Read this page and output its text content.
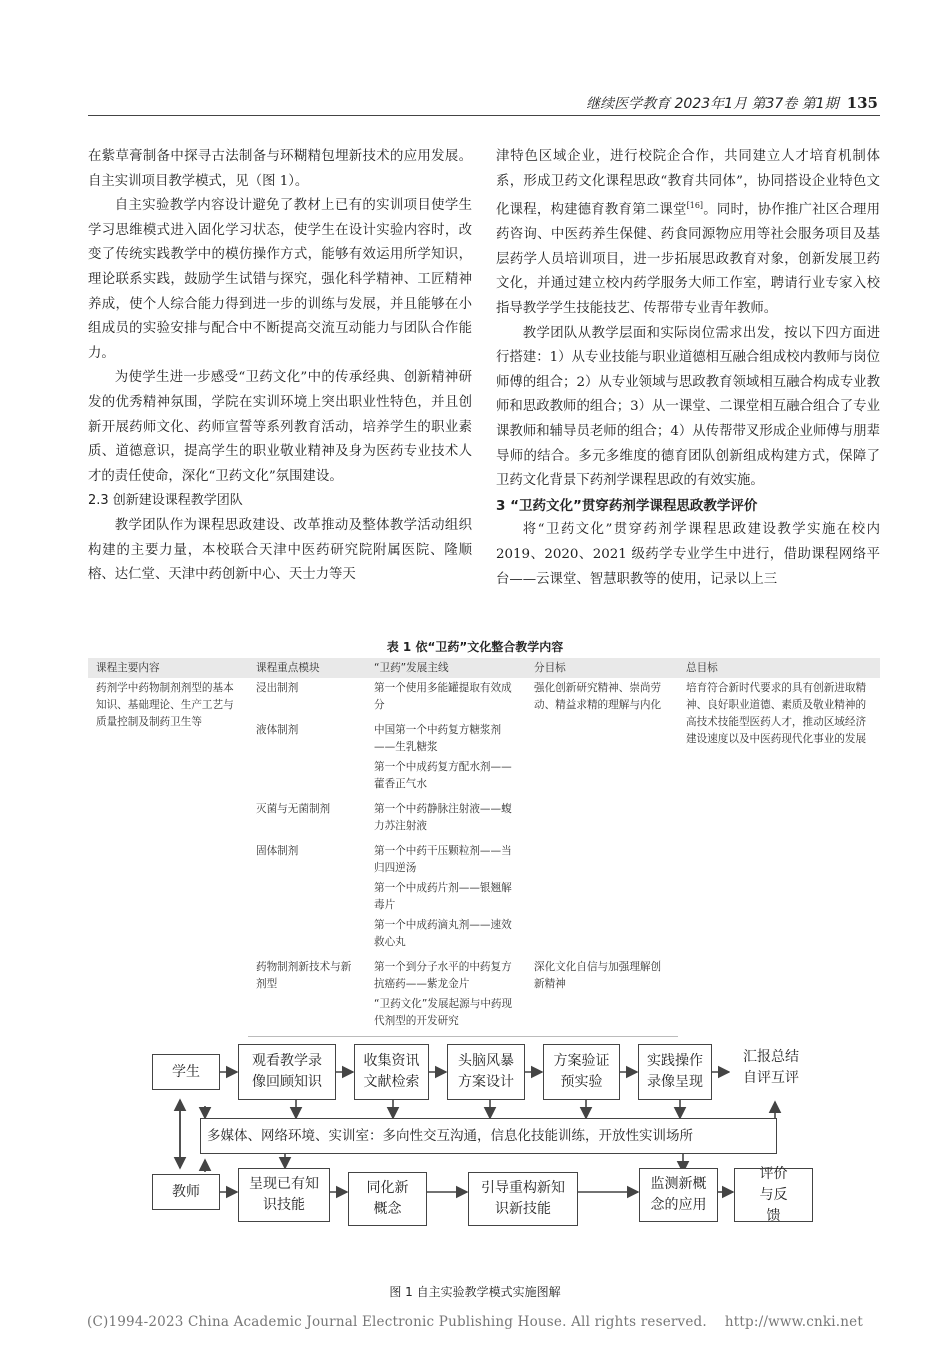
继续医学教育 2023年1月 第37卷 第1期 135

在紫草膏制备中探寻古法制备与环糊精包埋新技术的应用发展。自主实训项目教学模式，见（图 1）。

自主实验教学内容设计避免了教材上已有的实训项目使学生学习思维模式进入固化学习状态，使学生在设计实验内容时，改变了传统实践教学中的模仿操作方式，能够有效运用所学知识，理论联系实践，鼓励学生试错与探究，强化科学精神、工匠精神养成，使个人综合能力得到进一步的训练与发展，并且能够在小组成员的实验安排与配合中不断提高交流互动能力与团队合作能力。

为使学生进一步感受“卫药文化”中的传承经典、创新精神研发的优秀精神氛围，学院在实训环境上突出职业性特色，并且创新开展药师文化、药师宣誓等系列教育活动，培养学生的职业素质、道德意识，提高学生的职业敬业精神及身为医药专业技术人才的责任使命，深化“卫药文化”氛围建设。

2.3 创新建设课程教学团队

教学团队作为课程思政建设、改革推动及整体教学活动组织构建的主要力量，本校联合天津中医药研究院附属医院、隆顺榕、达仁堂、天津中药创新中心、天士力等天

津特色区域企业，进行校院企合作，共同建立人才培育机制体系，形成卫药文化课程思政“教育共同体”，协同搭设企业特色文化课程，构建德育教育第二课堂[16]。同时，协作推广社区合理用药咨询、中医药养生保健、药食同源物应用等社会服务项目及基层药学人员培训项目，进一步拓展思政教育对象，创新发展卫药文化，并通过建立校内药学服务大师工作室，聘请行业专家入校指导教学学生技能技艺、传帮带专业青年教师。

教学团队从教学层面和实际岗位需求出发，按以下四方面进行搭建：1）从专业技能与职业道德相互融合组成校内教师与岗位师傅的组合；2）从专业领域与思政教育领域相互融合构成专业教师和思政教师的组合；3）从一课堂、二课堂相互融合组合了专业课教师和辅导员老师的组合；4）从传帮带叉形成企业师傅与朋辈导师的结合。多元多维度的德育团队创新组成构建方式，保障了卫药文化背景下药剂学课程思政的有效实施。

3 “卫药文化”贯穿药剂学课程思政教学评价

将“卫药文化”贯穿药剂学课程思政建设教学实施在校内 2019、2020、2021 级药学专业学生中进行，借助课程网络平台——云课堂、智慧职教等的使用，记录以上三

表 1 依“卫药”文化整合教学内容
课程主要内容	课程重点模块	“卫药”发展主线	分目标	总目标
药剂学中药物制剂剂型的基本知识、基础理论、生产工艺与质量控制及制药卫生等	浸出制剂	第一个使用多能罐提取有效成分	强化创新研究精神、崇尚劳动、精益求精的理解与内化	培育符合新时代要求的具有创新进取精神、良好职业道德、素质及敬业精神的高技术技能型医药人才，推动区域经济建设速度以及中医药现代化事业的发展
	液体制剂	中国第一个中药复方糖浆剂——生乳糖浆
第一个中成药复方配水剂——藿香正气水		

	灭菌与无菌制剂	第一个中药静脉注射液——蝮力苏注射液		

	固体制剂	第一个中药干压颗粒剂——当归四逆汤
第一个中成药片剂——银翘解毒片
第一个中成药滴丸剂——速效救心丸		

	药物制剂新技术与新剂型	第一个到分子水平的中药复方抗癌药——紫龙金片
“卫药文化”发展起源与中药现代剂型的开发研究	深化文化自信与加强理解创新精神	
学生
观看教学录像回顾知识
收集资讯文献检索
头脑风暴方案设计
方案验证预实验
实践操作录像呈现
汇报总结自评互评
多媒体、网络环境、实训室：多向性交互沟通，信息化技能训练，开放性实训场所
教师	呈现已有知识技能
同化新概念
引导重构新知识新技能
监测新概念的应用
评价与反馈
图 1 自主实验教学模式实施图解
(C)1994-2023 China Academic Journal Electronic Publishing House. All rights reserved.    http://www.cnki.net
